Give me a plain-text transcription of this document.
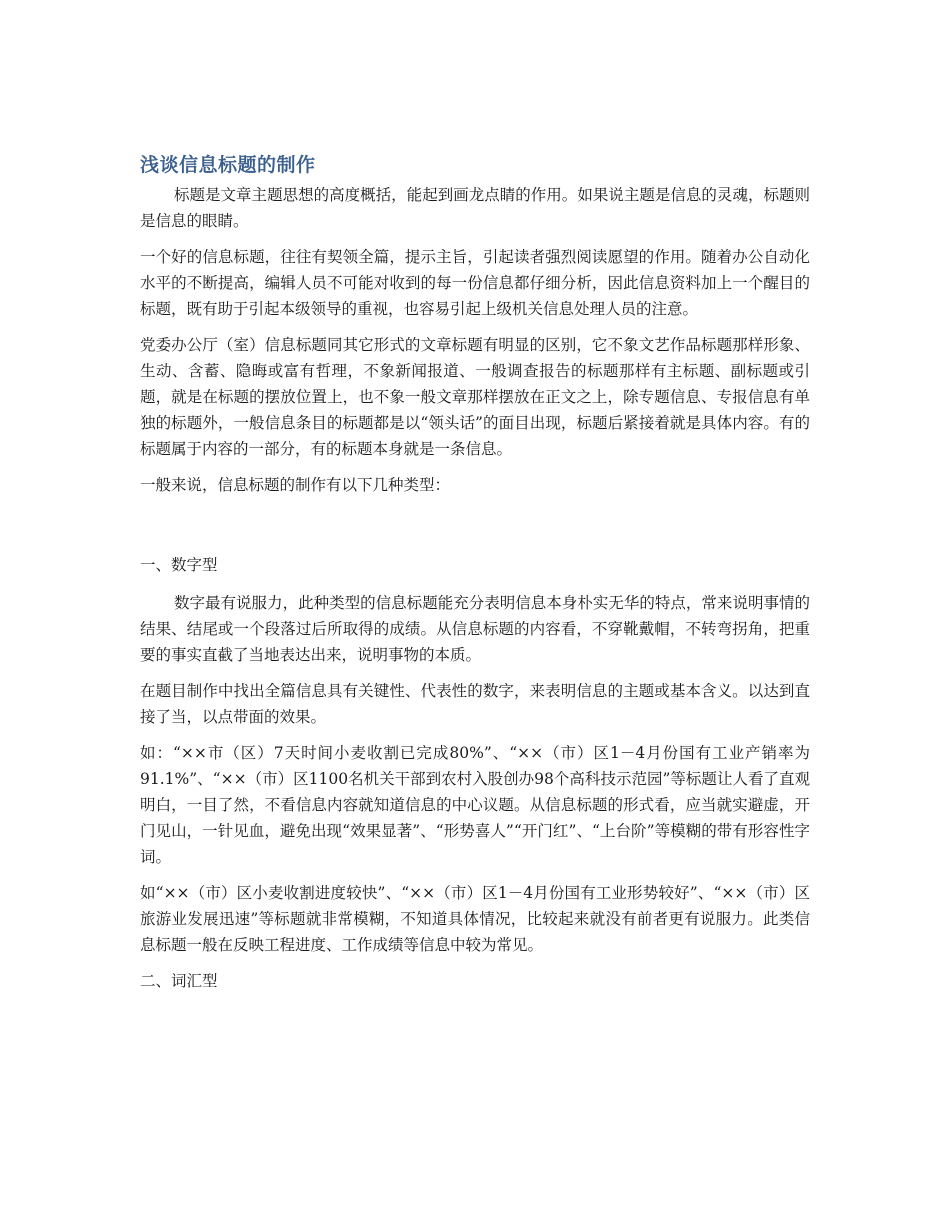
浅谈信息标题的制作

标题是文章主题思想的高度概括，能起到画龙点睛的作用。如果说主题是信息的灵魂，标题则是信息的眼睛。

一个好的信息标题，往往有契领全篇，提示主旨，引起读者强烈阅读愿望的作用。随着办公自动化水平的不断提高，编辑人员不可能对收到的每一份信息都仔细分析，因此信息资料加上一个醒目的标题，既有助于引起本级领导的重视，也容易引起上级机关信息处理人员的注意。

党委办公厅（室）信息标题同其它形式的文章标题有明显的区别，它不象文艺作品标题那样形象、生动、含蓄、隐晦或富有哲理，不象新闻报道、一般调查报告的标题那样有主标题、副标题或引题，就是在标题的摆放位置上，也不象一般文章那样摆放在正文之上，除专题信息、专报信息有单独的标题外，一般信息条目的标题都是以“领头话”的面目出现，标题后紧接着就是具体内容。有的标题属于内容的一部分，有的标题本身就是一条信息。

一般来说，信息标题的制作有以下几种类型：

一、数字型

数字最有说服力，此种类型的信息标题能充分表明信息本身朴实无华的特点，常来说明事情的结果、结尾或一个段落过后所取得的成绩。从信息标题的内容看，不穿靴戴帽，不转弯拐角，把重要的事实直截了当地表达出来，说明事物的本质。

在题目制作中找出全篇信息具有关键性、代表性的数字，来表明信息的主题或基本含义。以达到直接了当，以点带面的效果。

如：“××市（区）7天时间小麦收割已完成80%”、“××（市）区1－4月份国有工业产销率为91.1%”、“××（市）区1100名机关干部到农村入股创办98个高科技示范园”等标题让人看了直观明白，一目了然，不看信息内容就知道信息的中心议题。从信息标题的形式看，应当就实避虚，开门见山，一针见血，避免出现“效果显著”、“形势喜人”“开门红”、“上台阶”等模糊的带有形容性字词。

如“××（市）区小麦收割进度较快”、“××（市）区1－4月份国有工业形势较好”、“××（市）区旅游业发展迅速”等标题就非常模糊，不知道具体情况，比较起来就没有前者更有说服力。此类信息标题一般在反映工程进度、工作成绩等信息中较为常见。

二、词汇型
